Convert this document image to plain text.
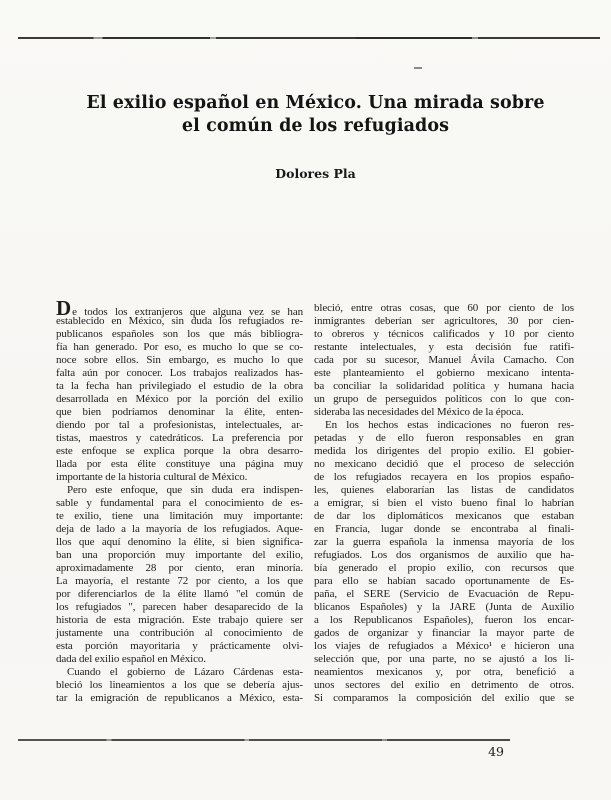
El exilio español en México. Una mirada sobre
el común de los refugiados
Dolores Pla
De todos los extranjeros que alguna vez se han
establecido en México, sin duda los refugiados re-
publicanos españoles son los que más bibliogra-
fía han generado. Por eso, es mucho lo que se co-
noce sobre ellos. Sin embargo, es mucho lo que
falta aún por conocer. Los trabajos realizados has-
ta la fecha han privilegiado el estudio de la obra
desarrollada en México por la porción del exilio
que bien podríamos denominar la élite, enten-
diendo por tal a profesionistas, intelectuales, ar-
tistas, maestros y catedráticos. La preferencia por
este enfoque se explica porque la obra desarro-
llada por esta élite constituye una página muy
importante de la historia cultural de México.
Pero este enfoque, que sin duda era indispen-
sable y fundamental para el conocimiento de es-
te exilio, tiene una limitación muy importante:
deja de lado a la mayoría de los refugiados. Aque-
llos que aquí denomino la élite, si bien significa-
ban una proporción muy importante del exilio,
aproximadamente 28 por ciento, eran minoría.
La mayoría, el restante 72 por ciento, a los que
por diferenciarlos de la élite llamó "el común de
los refugiados ", parecen haber desaparecido de la
historia de esta migración. Este trabajo quiere ser
justamente una contribución al conocimiento de
esta porción mayoritaria y prácticamente olvi-
dada del exilio español en México.
Cuando el gobierno de Lázaro Cárdenas esta-
bleció los lineamientos a los que se debería ajus-
tar la emigración de republicanos a México, esta-
bleció, entre otras cosas, que 60 por ciento de los
inmigrantes deberían ser agricultores, 30 por cien-
to obreros y técnicos calificados y 10 por ciento
restante intelectuales, y esta decisión fue ratifi-
cada por su sucesor, Manuel Ávila Camacho. Con
este planteamiento el gobierno mexicano intenta-
ba conciliar la solidaridad política y humana hacia
un grupo de perseguidos políticos con lo que con-
sideraba las necesidades del México de la época.
En los hechos estas indicaciones no fueron res-
petadas y de ello fueron responsables en gran
medida los dirigentes del propio exilio. El gobier-
no mexicano decidió que el proceso de selección
de los refugiados recayera en los propios españo-
les, quienes elaborarían las listas de candidatos
a emigrar, si bien el visto bueno final lo habrían
de dar los diplomáticos mexicanos que estaban
en Francia, lugar donde se encontraba al finali-
zar la guerra española la inmensa mayoría de los
refugiados. Los dos organismos de auxilio que ha-
bía generado el propio exilio, con recursos que
para ello se habían sacado oportunamente de Es-
paña, el SERE (Servicio de Evacuación de Repu-
blicanos Españoles) y la JARE (Junta de Auxilio
a los Republicanos Españoles), fueron los encar-
gados de organizar y financiar la mayor parte de
los viajes de refugiados a México¹ e hicieron una
selección que, por una parte, no se ajustó a los li-
neamientos mexicanos y, por otra, benefició a
unos sectores del exilio en detrimento de otros.
Si comparamos la composición del exilio que se
49
